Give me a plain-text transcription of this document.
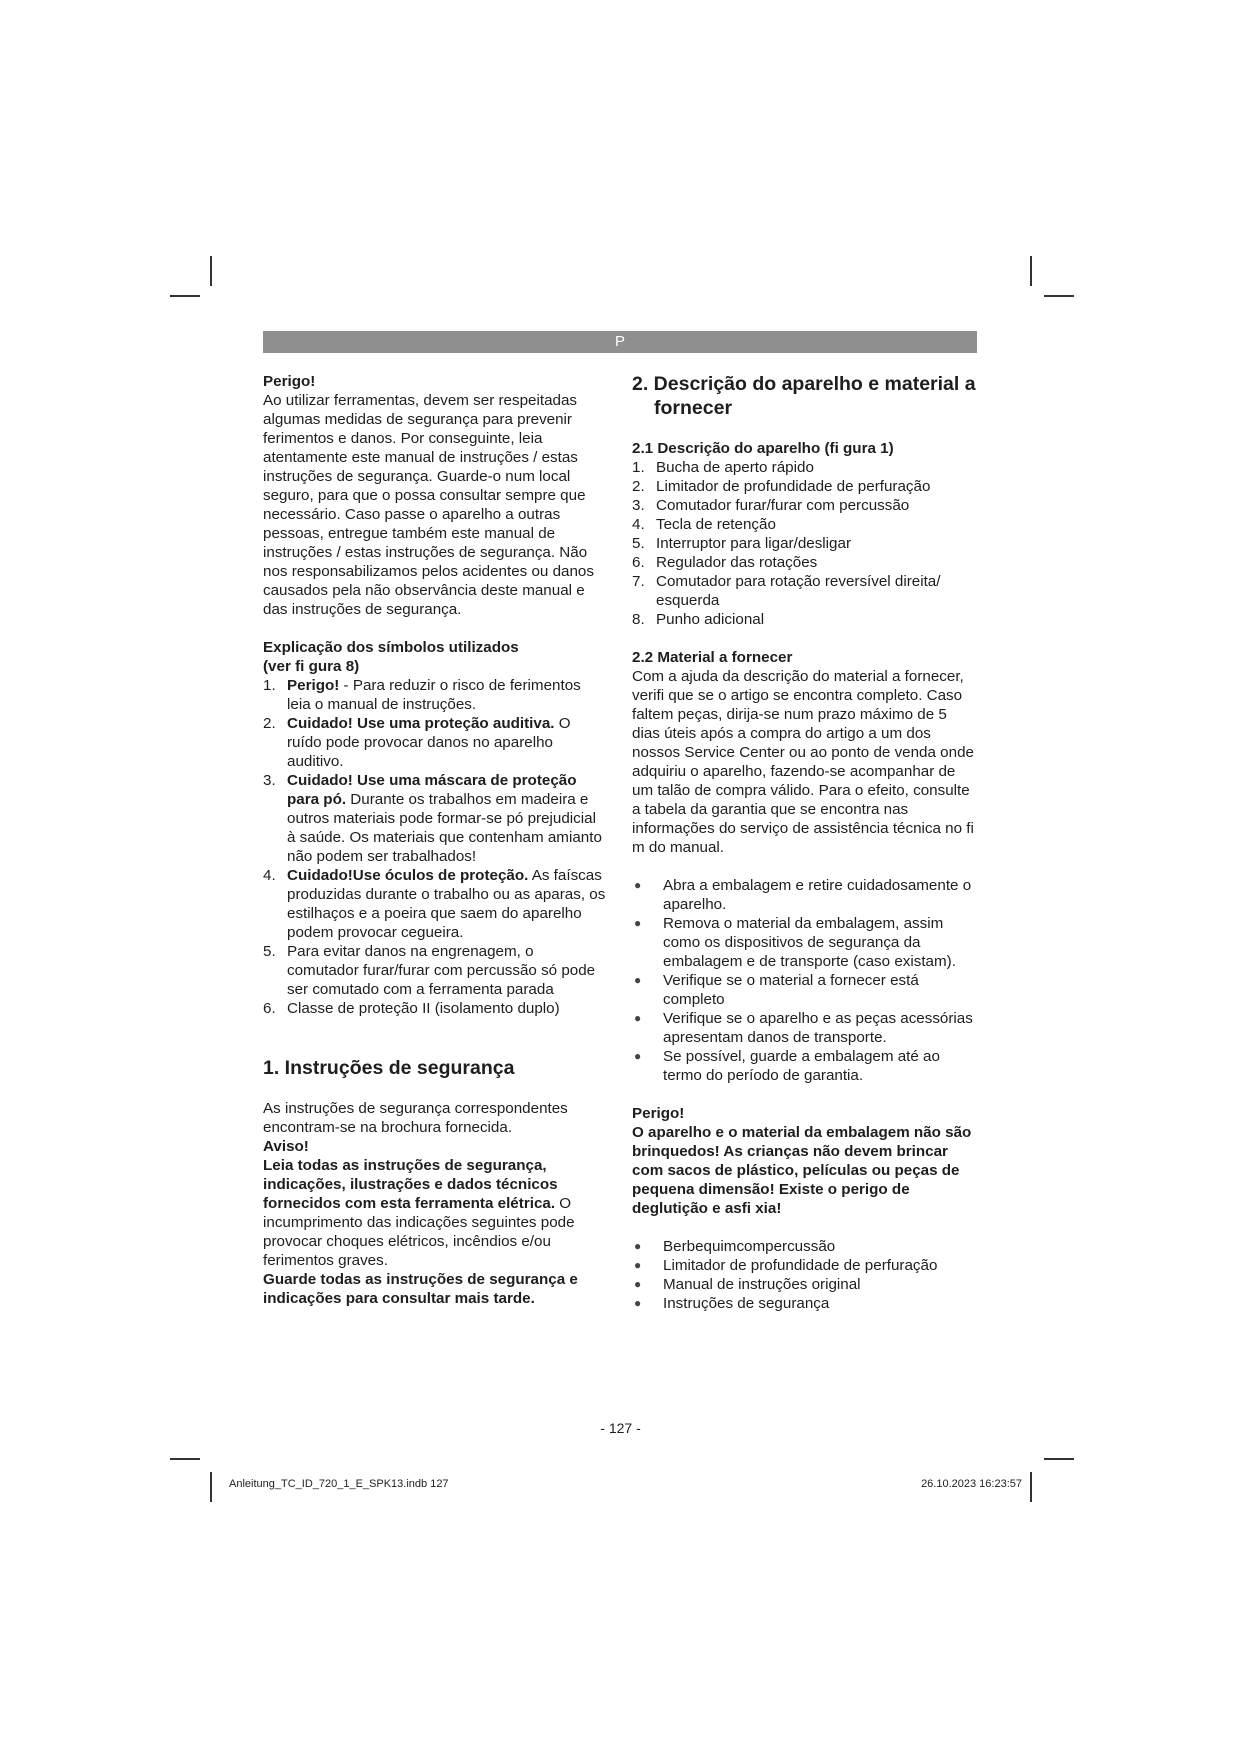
P

Perigo!

Ao utilizar ferramentas, devem ser respeitadas algumas medidas de segurança para prevenir ferimentos e danos. Por conseguinte, leia atentamente este manual de instruções / estas instruções de segurança. Guarde-o num local seguro, para que o possa consultar sempre que necessário. Caso passe o aparelho a outras pessoas, entregue também este manual de instruções / estas instruções de segurança. Não nos responsabilizamos pelos acidentes ou danos causados pela não observância deste manual e das instruções de segurança.

Explicação dos símbolos utilizados

(ver fi gura 8)

1. Perigo! - Para reduzir o risco de ferimentos leia o manual de instruções.
2. Cuidado! Use uma proteção auditiva. O ruído pode provocar danos no aparelho auditivo.
3. Cuidado! Use uma máscara de proteção para pó. Durante os trabalhos em madeira e outros materiais pode formar-se pó prejudicial à saúde. Os materiais que contenham amianto não podem ser trabalhados!
4. Cuidado!Use óculos de proteção. As faíscas produzidas durante o trabalho ou as aparas, os estilhaços e a poeira que saem do aparelho podem provocar cegueira.
5. Para evitar danos na engrenagem, o comutador furar/furar com percussão só pode ser comutado com a ferramenta parada
6. Classe de proteção II (isolamento duplo)

1. Instruções de segurança

As instruções de segurança correspondentes encontram-se na brochura fornecida.

Aviso!

Leia todas as instruções de segurança, indicações, ilustrações e dados técnicos fornecidos com esta ferramenta elétrica. O incumprimento das indicações seguintes pode provocar choques elétricos, incêndios e/ou ferimentos graves.

Guarde todas as instruções de segurança e indicações para consultar mais tarde.

2. Descrição do aparelho e material a fornecer

2.1 Descrição do aparelho (fi gura 1)

1. Bucha de aperto rápido
2. Limitador de profundidade de perfuração
3. Comutador furar/furar com percussão
4. Tecla de retenção
5. Interruptor para ligar/desligar
6. Regulador das rotações
7. Comutador para rotação reversível direita/ esquerda
8. Punho adicional

2.2 Material a fornecer

Com a ajuda da descrição do material a fornecer, verifi que se o artigo se encontra completo. Caso faltem peças, dirija-se num prazo máximo de 5 dias úteis após a compra do artigo a um dos nossos Service Center ou ao ponto de venda onde adquiriu o aparelho, fazendo-se acompanhar de um talão de compra válido. Para o efeito, consulte a tabela da garantia que se encontra nas informações do serviço de assistência técnica no fi m do manual.

● Abra a embalagem e retire cuidadosamente o aparelho.
● Remova o material da embalagem, assim como os dispositivos de segurança da embalagem e de transporte (caso existam).
● Verifique se o material a fornecer está completo
● Verifique se o aparelho e as peças acessórias apresentam danos de transporte.
● Se possível, guarde a embalagem até ao termo do período de garantia.

Perigo!

O aparelho e o material da embalagem não são brinquedos! As crianças não devem brincar com sacos de plástico, películas ou peças de pequena dimensão! Existe o perigo de deglutição e asfi xia!

● Berbequimcompercussão
● Limitador de profundidade de perfuração
● Manual de instruções original
● Instruções de segurança
- 127 -
Anleitung_TC_ID_720_1_E_SPK13.indb 127	26.10.2023 16:23:57
